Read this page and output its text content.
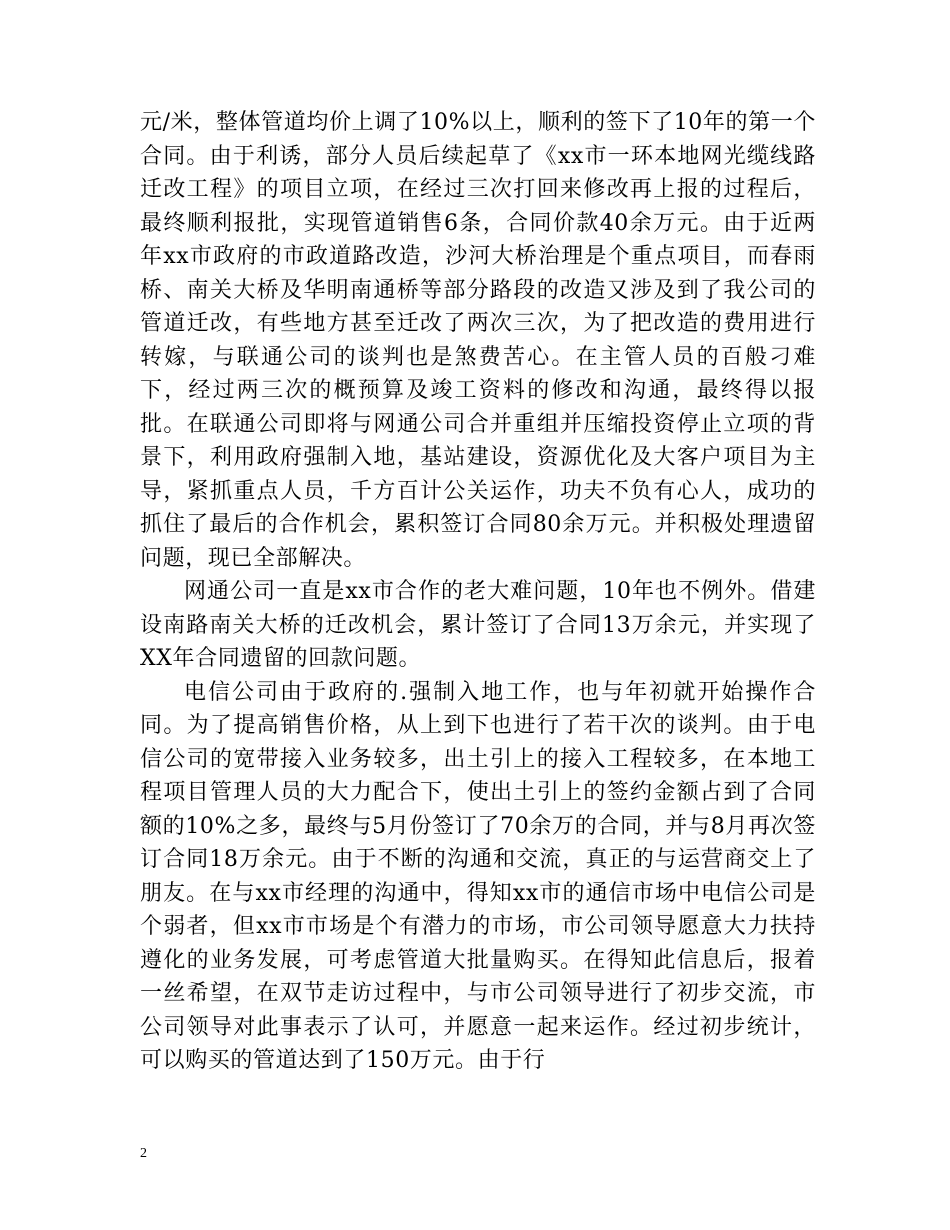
元/米，整体管道均价上调了10%以上，顺利的签下了10年的第一个合同。由于利诱，部分人员后续起草了《xx市一环本地网光缆线路迁改工程》的项目立项，在经过三次打回来修改再上报的过程后，最终顺利报批，实现管道销售6条，合同价款40余万元。由于近两年xx市政府的市政道路改造，沙河大桥治理是个重点项目，而春雨桥、南关大桥及华明南通桥等部分路段的改造又涉及到了我公司的管道迁改，有些地方甚至迁改了两次三次，为了把改造的费用进行转嫁，与联通公司的谈判也是煞费苦心。在主管人员的百般刁难下，经过两三次的概预算及竣工资料的修改和沟通，最终得以报批。在联通公司即将与网通公司合并重组并压缩投资停止立项的背景下，利用政府强制入地，基站建设，资源优化及大客户项目为主导，紧抓重点人员，千方百计公关运作，功夫不负有心人，成功的抓住了最后的合作机会，累积签订合同80余万元。并积极处理遗留问题，现已全部解决。

网通公司一直是xx市合作的老大难问题，10年也不例外。借建设南路南关大桥的迁改机会，累计签订了合同13万余元，并实现了XX年合同遗留的回款问题。

电信公司由于政府的.强制入地工作，也与年初就开始操作合同。为了提高销售价格，从上到下也进行了若干次的谈判。由于电信公司的宽带接入业务较多，出土引上的接入工程较多，在本地工程项目管理人员的大力配合下，使出土引上的签约金额占到了合同额的10%之多，最终与5月份签订了70余万的合同，并与8月再次签订合同18万余元。由于不断的沟通和交流，真正的与运营商交上了朋友。在与xx市经理的沟通中，得知xx市的通信市场中电信公司是个弱者，但xx市市场是个有潜力的市场，市公司领导愿意大力扶持遵化的业务发展，可考虑管道大批量购买。在得知此信息后，报着一丝希望，在双节走访过程中，与市公司领导进行了初步交流，市公司领导对此事表示了认可，并愿意一起来运作。经过初步统计，可以购买的管道达到了150万元。由于行

2
